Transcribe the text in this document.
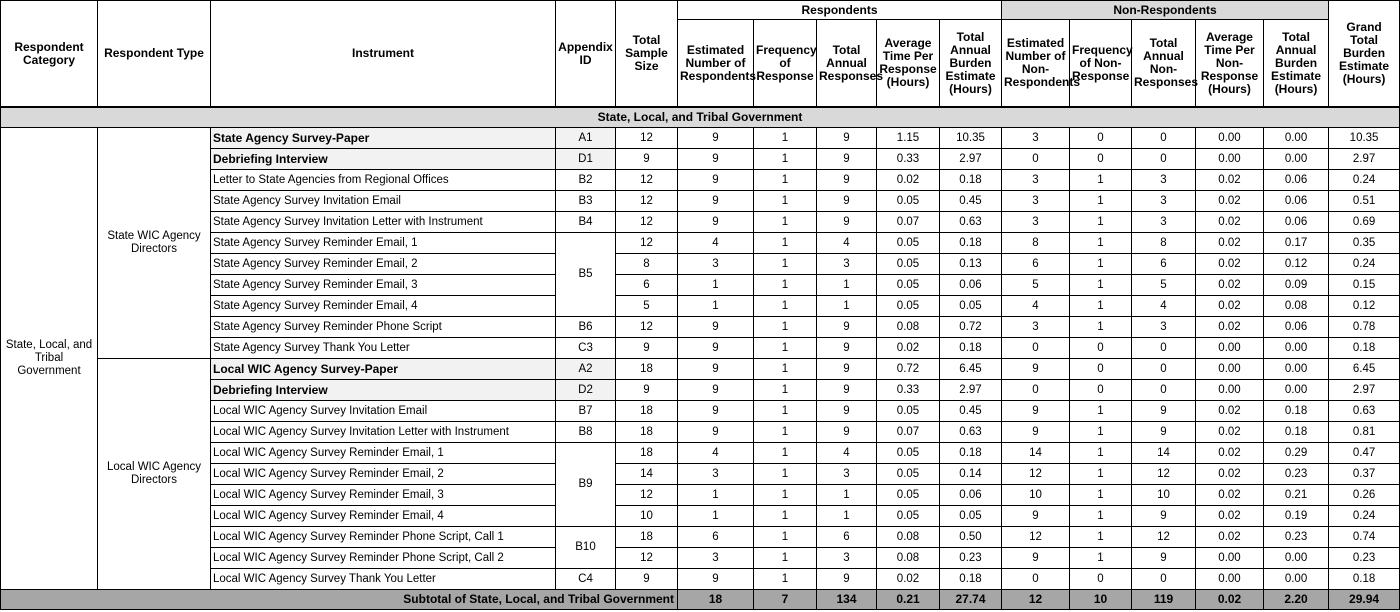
Respondent Category	Respondent Type	Instrument	Appendix ID	Total Sample Size	Respondents					Non-Respondents					Grand Total Burden Estimate (Hours)
					Estimated Number of Respondents	Frequency of Response	Total Annual Responses	Average Time Per Response (Hours)	Total Annual Burden Estimate (Hours)	Estimated Number of Non-Respondents	Frequency of Non-Response	Total Annual Non-Responses	Average Time Per Non-Response (Hours)	Total Annual Burden Estimate (Hours)	
State, Local, and Tribal Government															
State, Local, and Tribal Government	State WIC Agency Directors	State Agency Survey-Paper	A1	12	9	1	9	1.15	10.35	3	0	0	0.00	0.00	10.35
		Debriefing Interview	D1	9	9	1	9	0.33	2.97	0	0	0	0.00	0.00	2.97
		Letter to State Agencies from Regional Offices	B2	12	9	1	9	0.02	0.18	3	1	3	0.02	0.06	0.24
		State Agency Survey Invitation Email	B3	12	9	1	9	0.05	0.45	3	1	3	0.02	0.06	0.51
		State Agency Survey Invitation Letter with Instrument	B4	12	9	1	9	0.07	0.63	3	1	3	0.02	0.06	0.69
		State Agency Survey Reminder Email, 1	B5	12	4	1	4	0.05	0.18	8	1	8	0.02	0.17	0.35
		State Agency Survey Reminder Email, 2		8	3	1	3	0.05	0.13	6	1	6	0.02	0.12	0.24
		State Agency Survey Reminder Email, 3		6	1	1	1	0.05	0.06	5	1	5	0.02	0.09	0.15
		State Agency Survey Reminder Email, 4		5	1	1	1	0.05	0.05	4	1	4	0.02	0.08	0.12
		State Agency Survey Reminder Phone Script	B6	12	9	1	9	0.08	0.72	3	1	3	0.02	0.06	0.78
		State Agency Survey Thank You Letter	C3	9	9	1	9	0.02	0.18	0	0	0	0.00	0.00	0.18
	Local WIC Agency Directors	Local WIC Agency Survey-Paper	A2	18	9	1	9	0.72	6.45	9	0	0	0.00	0.00	6.45
		Debriefing Interview	D2	9	9	1	9	0.33	2.97	0	0	0	0.00	0.00	2.97
		Local WIC Agency Survey Invitation Email	B7	18	9	1	9	0.05	0.45	9	1	9	0.02	0.18	0.63
		Local WIC Agency Survey Invitation Letter with Instrument	B8	18	9	1	9	0.07	0.63	9	1	9	0.02	0.18	0.81
		Local WIC Agency Survey Reminder Email, 1	B9	18	4	1	4	0.05	0.18	14	1	14	0.02	0.29	0.47
		Local WIC Agency Survey Reminder Email, 2		14	3	1	3	0.05	0.14	12	1	12	0.02	0.23	0.37
		Local WIC Agency Survey Reminder Email, 3		12	1	1	1	0.05	0.06	10	1	10	0.02	0.21	0.26
		Local WIC Agency Survey Reminder Email, 4		10	1	1	1	0.05	0.05	9	1	9	0.02	0.19	0.24
		Local WIC Agency Survey Reminder Phone Script, Call 1	B10	18	6	1	6	0.08	0.50	12	1	12	0.02	0.23	0.74
		Local WIC Agency Survey Reminder Phone Script, Call 2		12	3	1	3	0.08	0.23	9	1	9	0.00	0.00	0.23
		Local WIC Agency Survey Thank You Letter	C4	9	9	1	9	0.02	0.18	0	0	0	0.00	0.00	0.18
Subtotal of State, Local, and Tribal Government					18	7	134	0.21	27.74	12	10	119	0.02	2.20	29.94
